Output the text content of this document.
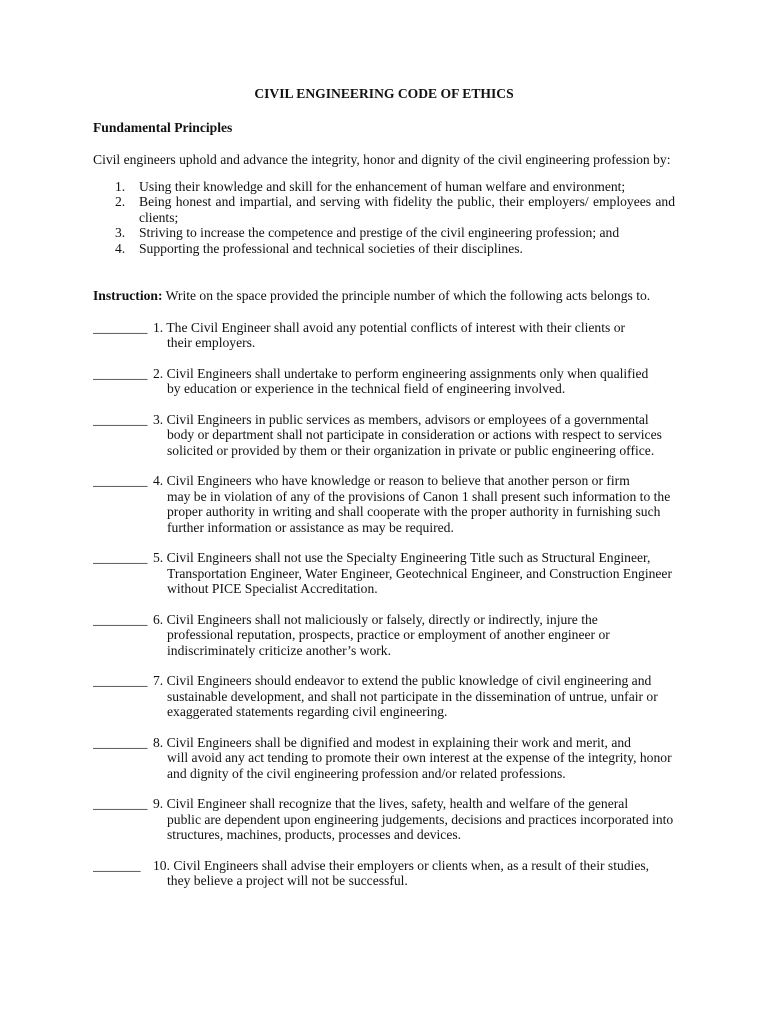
CIVIL ENGINEERING CODE OF ETHICS
Fundamental Principles
Civil engineers uphold and advance the integrity, honor and dignity of the civil engineering profession by:
1. Using their knowledge and skill for the enhancement of human welfare and environment;
2. Being honest and impartial, and serving with fidelity the public, their employers/ employees and clients;
3. Striving to increase the competence and prestige of the civil engineering profession; and
4. Supporting the professional and technical societies of their disciplines.
Instruction: Write on the space provided the principle number of which the following acts belongs to.
________ 1. The Civil Engineer shall avoid any potential conflicts of interest with their clients or
their employers.
________ 2. Civil Engineers shall undertake to perform engineering assignments only when qualified
by education or experience in the technical field of engineering involved.
________ 3. Civil Engineers in public services as members, advisors or employees of a governmental
body or department shall not participate in consideration or actions with respect to services solicited or provided by them or their organization in private or public engineering office.
________ 4. Civil Engineers who have knowledge or reason to believe that another person or firm
may be in violation of any of the provisions of Canon 1 shall present such information to the proper authority in writing and shall cooperate with the proper authority in furnishing such further information or assistance as may be required.
________ 5. Civil Engineers shall not use the Specialty Engineering Title such as Structural Engineer,
Transportation Engineer, Water Engineer, Geotechnical Engineer, and Construction Engineer without PICE Specialist Accreditation.
________ 6. Civil Engineers shall not maliciously or falsely, directly or indirectly, injure the
professional reputation, prospects, practice or employment of another engineer or indiscriminately criticize another’s work.
________ 7. Civil Engineers should endeavor to extend the public knowledge of civil engineering and
sustainable development, and shall not participate in the dissemination of untrue, unfair or exaggerated statements regarding civil engineering.
________ 8. Civil Engineers shall be dignified and modest in explaining their work and merit, and
will avoid any act tending to promote their own interest at the expense of the integrity, honor and dignity of the civil engineering profession and/or related professions.
________ 9. Civil Engineer shall recognize that the lives, safety, health and welfare of the general
public are dependent upon engineering judgements, decisions and practices incorporated into structures, machines, products, processes and devices.
_______ 10. Civil Engineers shall advise their employers or clients when, as a result of their studies,
they believe a project will not be successful.
